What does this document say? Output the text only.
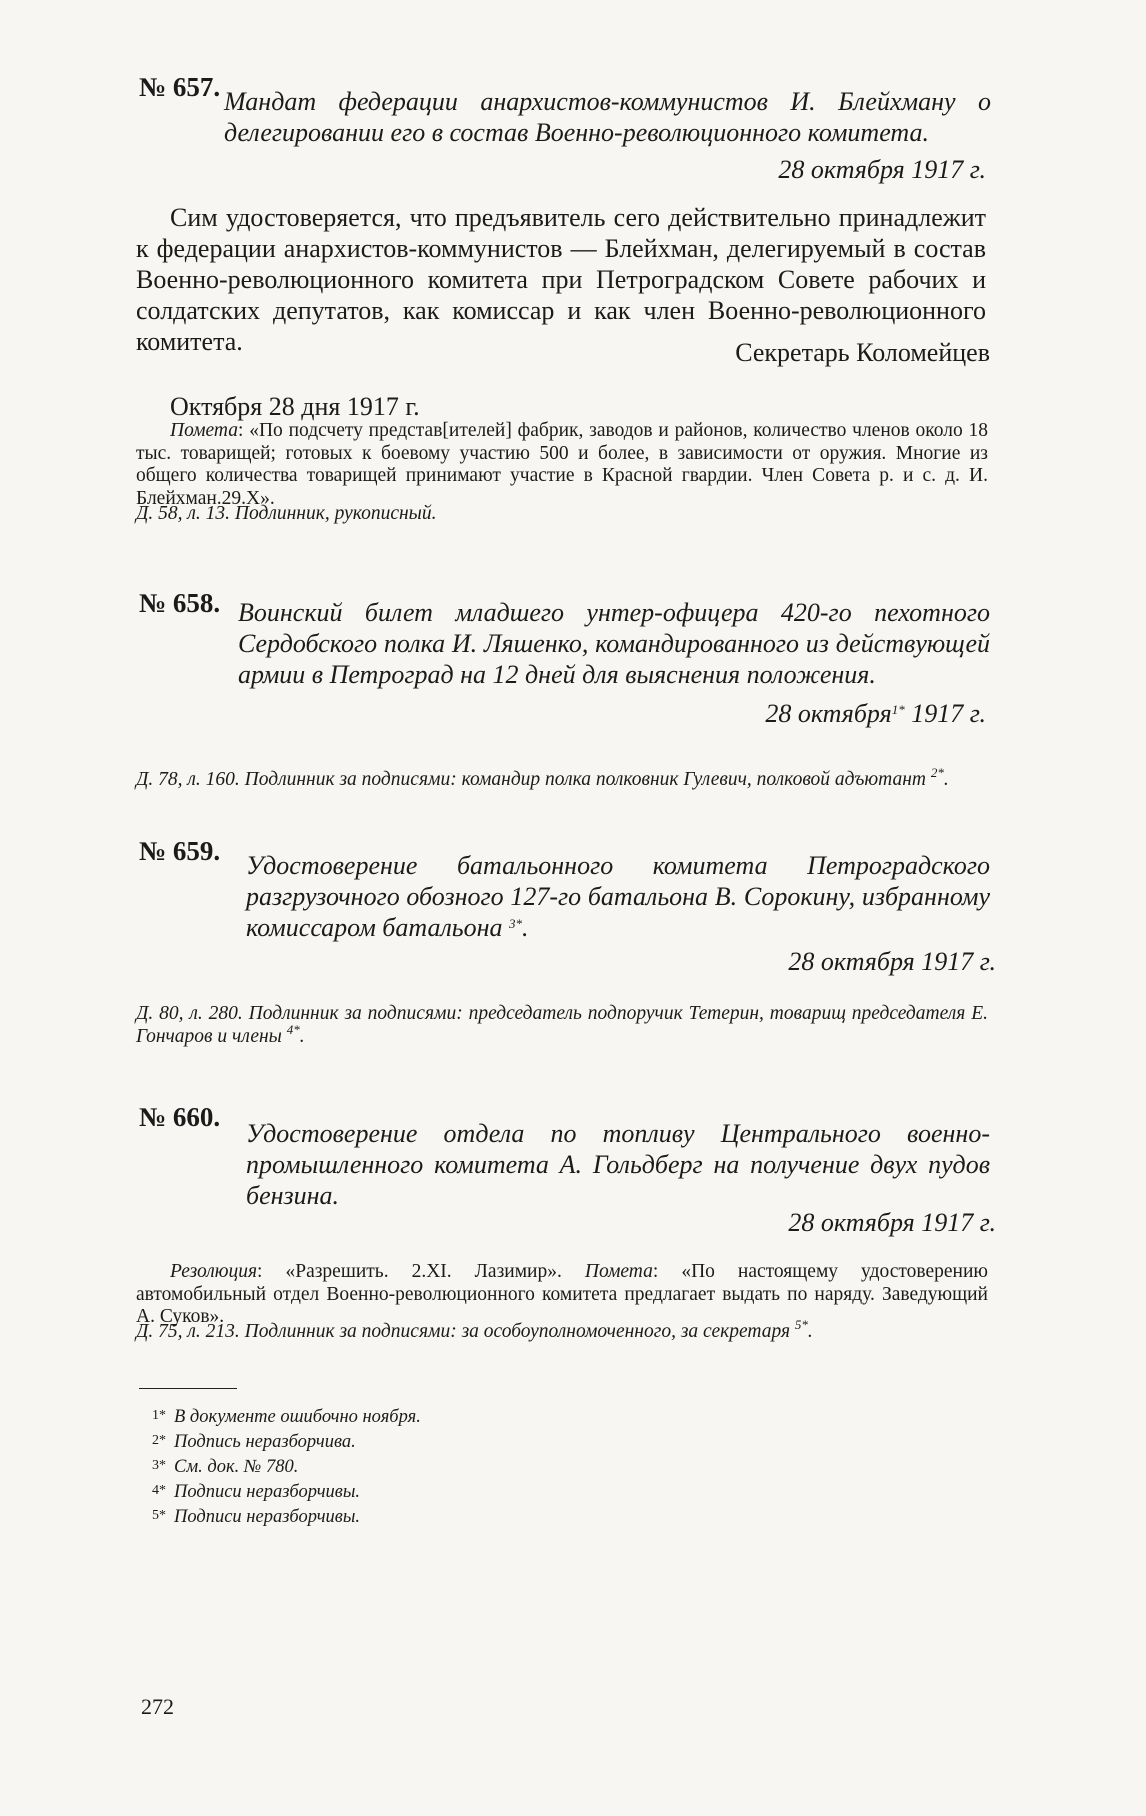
№ 657. Мандат федерации анархистов-коммунистов И. Блейхману о делегировании его в состав Военно-революционного комитета.
28 октября 1917 г.
Сим удостоверяется, что предъявитель сего действительно принадлежит к федерации анархистов-коммунистов — Блейхман, делегируемый в состав Военно-революционного комитета при Петроградском Совете рабочих и солдатских депутатов, как комиссар и как член Военно-революционного комитета.	Секретарь Коломейцев
Октября 28 дня 1917 г.
Помета: «По подсчету представ[ителей] фабрик, заводов и районов, количество членов около 18 тыс. товарищей; готовых к боевому участию 500 и более, в зависимости от оружия. Многие из общего количества товарищей принимают участие в Красной гвардии. Член Совета р. и с. д. И. Блейхман.29.X».
Д. 58, л. 13. Подлинник, рукописный.
№ 658. Воинский билет младшего унтер-офицера 420-го пехотного Сердобского полка И. Ляшенко, командированного из действующей армии в Петроград на 12 дней для выяснения положения.
28 октября$^{1*}$ 1917 г.
Д. 78, л. 160. Подлинник за подписями: командир полка полковник Гулевич, полковой адъютант $^{2*}$.
№ 659. Удостоверение батальонного комитета Петроградского разгрузочного обозного 127-го батальона В. Сорокину, избранному комиссаром батальона $^{3*}$.
28 октября 1917 г.
Д. 80, л. 280. Подлинник за подписями: председатель подпоручик Тетерин, товарищ председателя Е. Гончаров и члены $^{4*}$.
№ 660.
Удостоверение отдела по топливу Центрального военно-промышленного комитета А. Гольдберг на получение двух пудов бензина.
28 октября 1917 г.
Резолюция: «Разрешить. 2.XI. Лазимир». Помета: «По настоящему удостоверению автомобильный отдел Военно-революционного комитета предлагает выдать по наряду. Заведующий А. Суков».
Д. 75, л. 213. Подлинник за подписями: за особоуполномоченного, за секретаря $^{5*}$.
1* В документе ошибочно ноября.
2* Подпись неразборчива.
3* См. док. № 780.
4* Подписи неразборчивы.
5* Подписи неразборчивы.
272
